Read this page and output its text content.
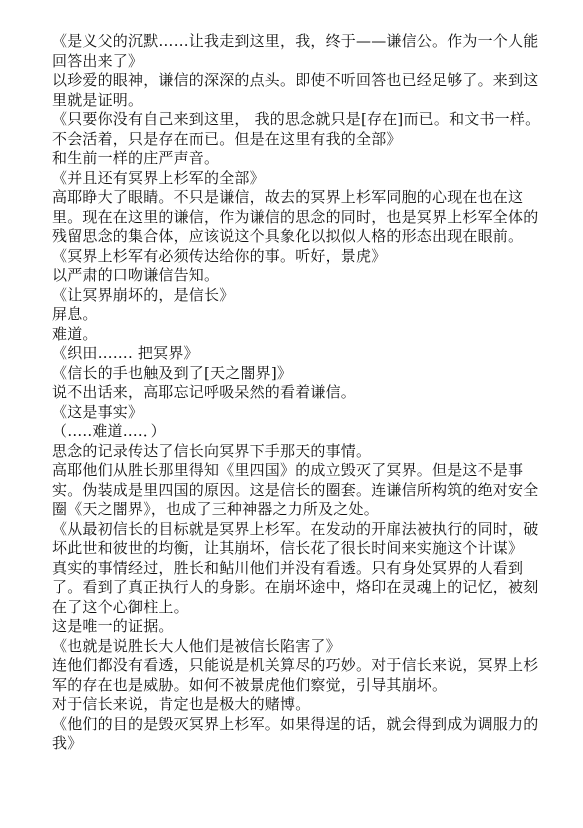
《是义父的沉默……让我走到这里，我，终于——谦信公。作为一个人能回答出来了》

以珍爱的眼神，谦信的深深的点头。即使不听回答也已经足够了。来到这里就是证明。

《只要你没有自己来到这里， 我的思念就只是[存在]而已。和文书一样。不会活着，只是存在而已。但是在这里有我的全部》

和生前一样的庄严声音。

《并且还有冥界上杉军的全部》

高耶睁大了眼睛。不只是谦信，故去的冥界上杉军同胞的心现在也在这里。现在在这里的谦信，作为谦信的思念的同时，也是冥界上杉军全体的残留思念的集合体，应该说这个具象化以拟似人格的形态出现在眼前。

《冥界上杉军有必须传达给你的事。听好，景虎》

以严肃的口吻谦信告知。

《让冥界崩坏的，是信长》

屏息。

难道。

《织田……. 把冥界》

《信长的手也触及到了[天之闇界]》

说不出话来，高耶忘记呼吸呆然的看着谦信。

《这是事实》

（…..难道….．）

思念的记录传达了信长向冥界下手那天的事情。

高耶他们从胜长那里得知《里四国》的成立毁灭了冥界。但是这不是事实。伪装成是里四国的原因。这是信长的圈套。连谦信所构筑的绝对安全圈《天之闇界》，也成了三种神器之力所及之处。

《从最初信长的目标就是冥界上杉军。在发动的开扉法被执行的同时，破坏此世和彼世的均衡，让其崩坏，信长花了很长时间来实施这个计谋》

真实的事情经过，胜长和鲇川他们并没有看透。只有身处冥界的人看到了。看到了真正执行人的身影。在崩坏途中，烙印在灵魂上的记忆，被刻在了这个心御柱上。

这是唯一的证据。

《也就是说胜长大人他们是被信长陷害了》

连他们都没有看透，只能说是机关算尽的巧妙。对于信长来说，冥界上杉军的存在也是威胁。如何不被景虎他们察觉，引导其崩坏。

对于信长来说，肯定也是极大的赌博。

《他们的目的是毁灭冥界上杉军。如果得逞的话，就会得到成为调服力的我》
